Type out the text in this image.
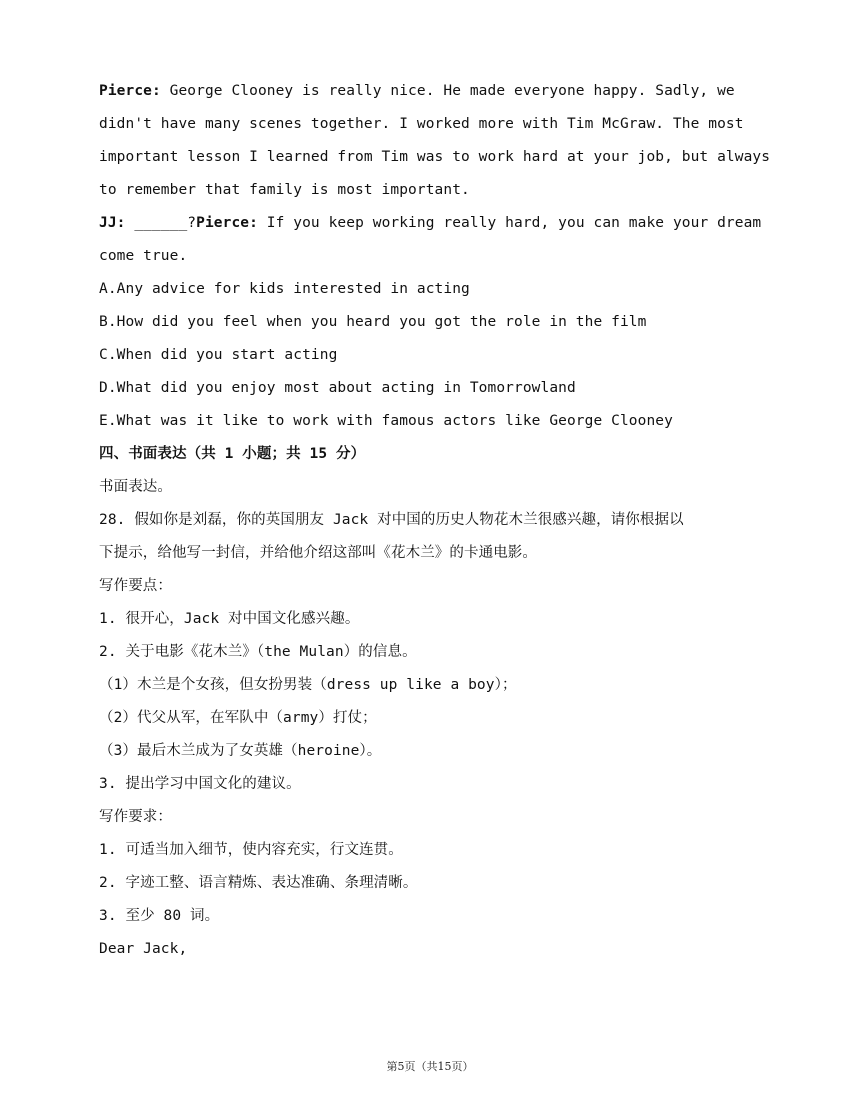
Pierce: George Clooney is really nice. He made everyone happy. Sadly, we
didn't have many scenes together. I worked more with Tim McGraw. The most
important lesson I learned from Tim was to work hard at your job, but always
to remember that family is most important.
JJ: ______?Pierce: If you keep working really hard, you can make your dream
come true.
A.Any advice for kids interested in acting
B.How did you feel when you heard you got the role in the film
C.When did you start acting
D.What did you enjoy most about acting in Tomorrowland
E.What was it like to work with famous actors like George Clooney
四、书面表达（共 1 小题；共 15 分）
书面表达。
28. 假如你是刘磊，你的英国朋友 Jack 对中国的历史人物花木兰很感兴趣，请你根据以
下提示，给他写一封信，并给他介绍这部叫《花木兰》的卡通电影。
写作要点：
1. 很开心，Jack 对中国文化感兴趣。
2. 关于电影《花木兰》（the Mulan）的信息。
（1）木兰是个女孩，但女扮男装（dress up like a boy）；
（2）代父从军，在军队中（army）打仗；
（3）最后木兰成为了女英雄（heroine）。
3. 提出学习中国文化的建议。
写作要求：
1. 可适当加入细节，使内容充实，行文连贯。
2. 字迹工整、语言精炼、表达准确、条理清晰。
3. 至少 80 词。
Dear Jack,
第5页（共15页）
